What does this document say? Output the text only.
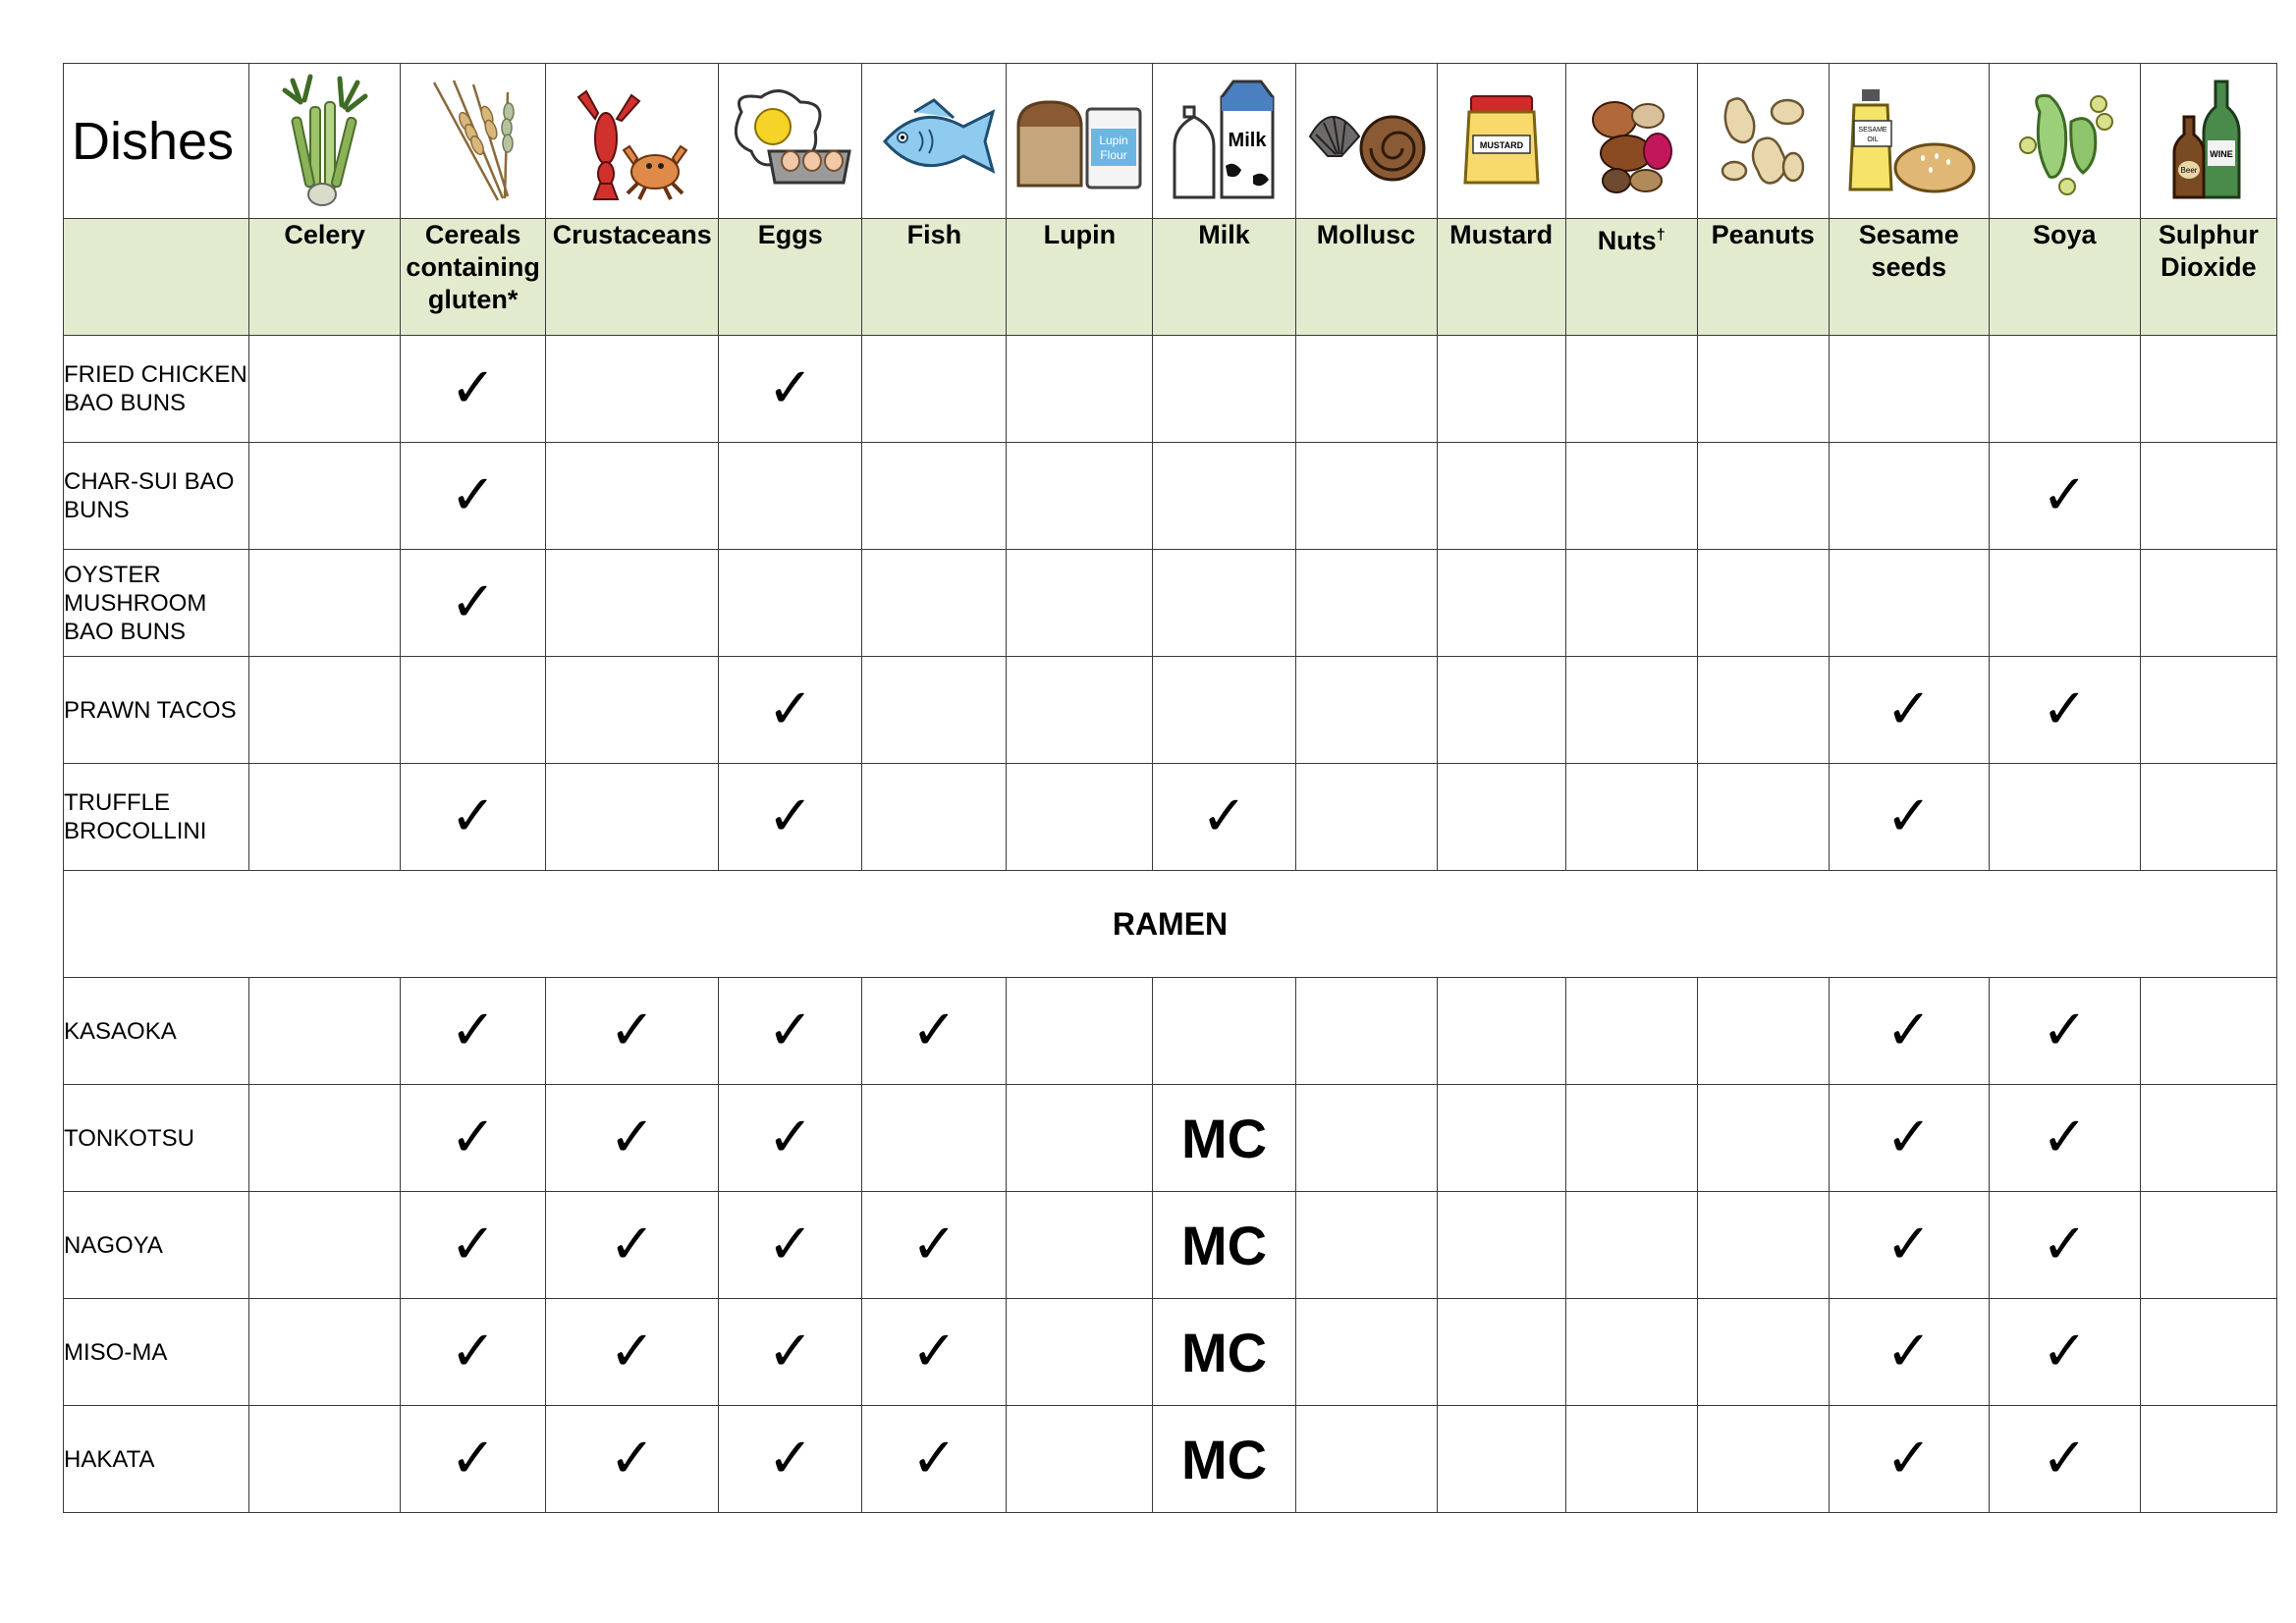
Dishes						Lupin
Flour	Milk		MUSTARD			SESAME
OIL		WINE
Beer

	Celery	Cereals containing gluten*	Crustaceans	Eggs	Fish	Lupin	Milk	Mollusc	Mustard	Nuts†	Peanuts	Sesame seeds	Soya	Sulphur Dioxide
FRIED CHICKEN BAO BUNS		✓		✓										
CHAR-SUI BAO BUNS		✓											✓	
OYSTER MUSHROOM BAO BUNS		✓												
PRAWN TACOS				✓								✓	✓	
TRUFFLE BROCOLLINI		✓		✓			✓					✓		
RAMEN														
KASAOKA		✓	✓	✓	✓							✓	✓	
TONKOTSU		✓	✓	✓			MC					✓	✓	
NAGOYA		✓	✓	✓	✓		MC					✓	✓	
MISO-MA		✓	✓	✓	✓		MC					✓	✓	
HAKATA		✓	✓	✓	✓		MC					✓	✓	
